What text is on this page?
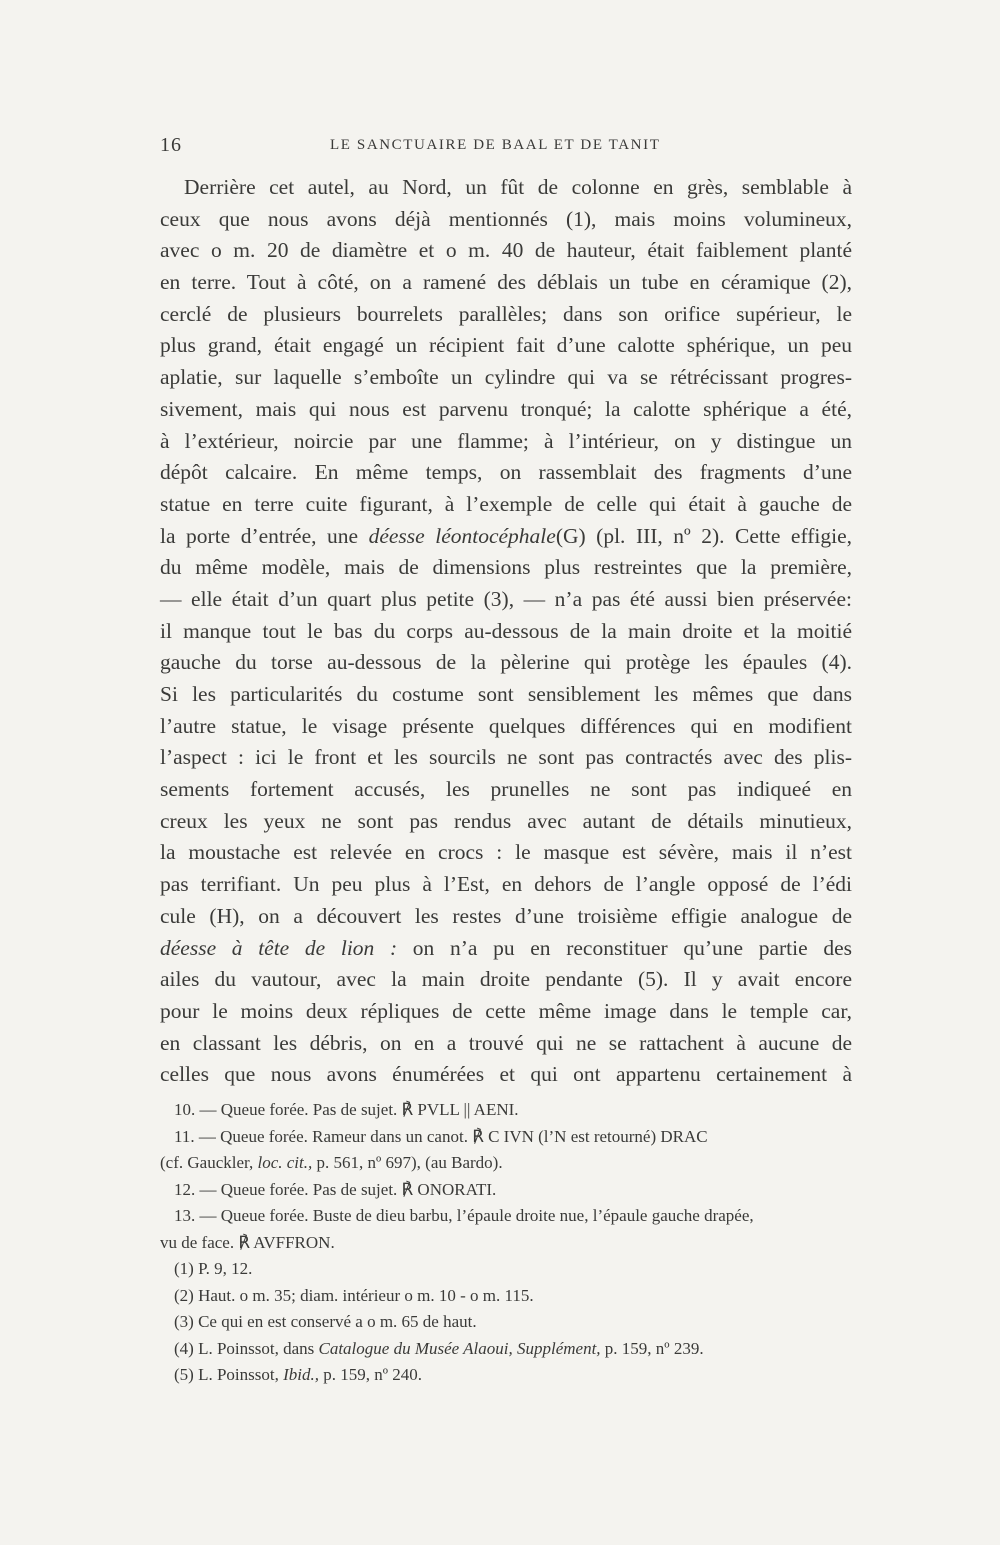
16	LE SANCTUAIRE DE BAAL ET DE TANIT
Derrière cet autel, au Nord, un fût de colonne en grès, semblable à
ceux que nous avons déjà mentionnés (1), mais moins volumineux,
avec o m. 20 de diamètre et o m. 40 de hauteur, était faiblement planté
en terre. Tout à côté, on a ramené des déblais un tube en céramique (2),
cerclé de plusieurs bourrelets parallèles; dans son orifice supérieur, le
plus grand, était engagé un récipient fait d’une calotte sphérique, un peu
aplatie, sur laquelle s’emboîte un cylindre qui va se rétrécissant progres-
sivement, mais qui nous est parvenu tronqué; la calotte sphérique a été,
à l’extérieur, noircie par une flamme; à l’intérieur, on y distingue un
dépôt calcaire. En même temps, on rassemblait des fragments d’une
statue en terre cuite figurant, à l’exemple de celle qui était à gauche de
la porte d’entrée, une déesse léontocéphale(G) (pl. III, nº 2). Cette effigie,
du même modèle, mais de dimensions plus restreintes que la première,
— elle était d’un quart plus petite (3), — n’a pas été aussi bien préservée:
il manque tout le bas du corps au-dessous de la main droite et la moitié
gauche du torse au-dessous de la pèlerine qui protège les épaules (4).
Si les particularités du costume sont sensiblement les mêmes que dans
l’autre statue, le visage présente quelques différences qui en modifient
l’aspect : ici le front et les sourcils ne sont pas contractés avec des plis-
sements fortement accusés, les prunelles ne sont pas indiqueé en
creux les yeux ne sont pas rendus avec autant de détails minutieux,
la moustache est relevée en crocs : le masque est sévère, mais il n’est
pas terrifiant. Un peu plus à l’Est, en dehors de l’angle opposé de l’édi
cule (H), on a découvert les restes d’une troisième effigie analogue de
déesse à tête de lion : on n’a pu en reconstituer qu’une partie des
ailes du vautour, avec la main droite pendante (5). Il y avait encore
pour le moins deux répliques de cette même image dans le temple car,
en classant les débris, on en a trouvé qui ne se rattachent à aucune de
celles que nous avons énumérées et qui ont appartenu certainement à
10. — Queue forée. Pas de sujet. ℟ PVLL || AENI.
11. — Queue forée. Rameur dans un canot. ℟ C IVN (l’N est retourné) DRAC
(cf. Gauckler, loc. cit., p. 561, nº 697), (au Bardo).
12. — Queue forée. Pas de sujet. ℟ ONORATI.
13. — Queue forée. Buste de dieu barbu, l’épaule droite nue, l’épaule gauche drapée,
vu de face. ℟ AVFFRON.
(1) P. 9, 12.
(2) Haut. o m. 35; diam. intérieur o m. 10 - o m. 115.
(3) Ce qui en est conservé a o m. 65 de haut.
(4) L. Poinssot, dans Catalogue du Musée Alaoui, Supplément, p. 159, nº 239.
(5) L. Poinssot, Ibid., p. 159, nº 240.
